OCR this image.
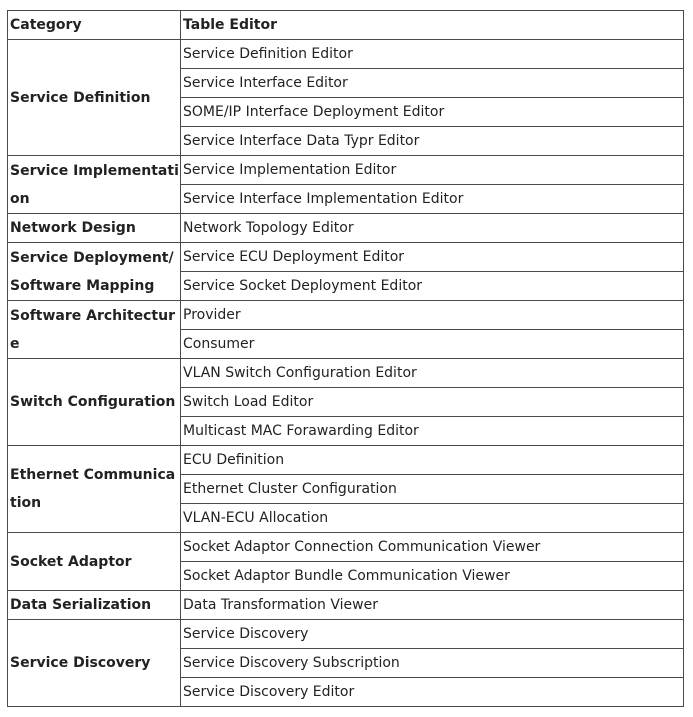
Category	Table Editor
Service Definition	Service Definition Editor
	Service Interface Editor
	SOME/IP Interface Deployment Editor
	Service Interface Data Typr Editor
Service Implementation	Service Implementation Editor
	Service Interface Implementation Editor
Network Design	Network Topology Editor
Service Deployment/Software Mapping	Service ECU Deployment Editor
	Service Socket Deployment Editor
Software Architecture	Provider
	Consumer
Switch Configuration	VLAN Switch Configuration Editor
	Switch Load Editor
	Multicast MAC Forawarding Editor
Ethernet Communication	ECU Definition
	Ethernet Cluster Configuration
	VLAN-ECU Allocation
Socket Adaptor	Socket Adaptor Connection Communication Viewer
	Socket Adaptor Bundle Communication Viewer
Data Serialization	Data Transformation Viewer
Service Discovery	Service Discovery
	Service Discovery Subscription
	Service Discovery Editor
